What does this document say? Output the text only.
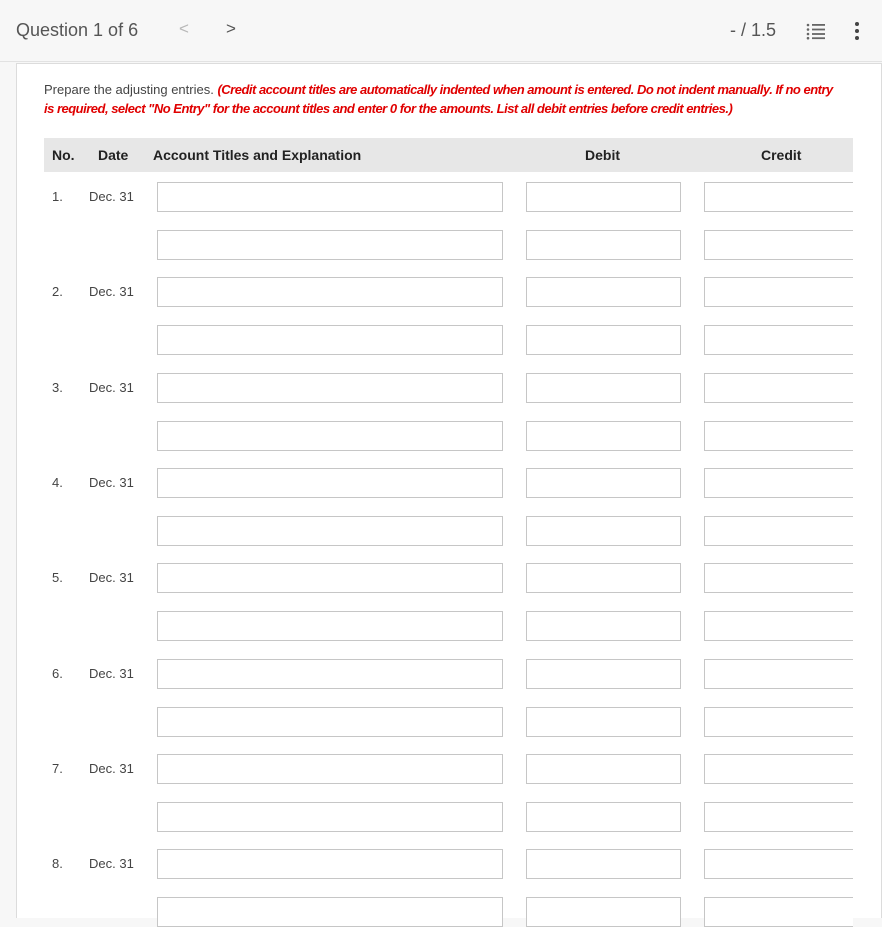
Question 1 of 6 < >	- / 1.5
Prepare the adjusting entries. (Credit account titles are automatically indented when amount is entered. Do not indent manually. If no entry is required, select "No Entry" for the account titles and enter 0 for the amounts. List all debit entries before credit entries.)
No. Date Account Titles and Explanation	Debit	Credit
1. Dec. 31
2. Dec. 31
3. Dec. 31
4. Dec. 31
5. Dec. 31
6. Dec. 31
7. Dec. 31
8. Dec. 31
